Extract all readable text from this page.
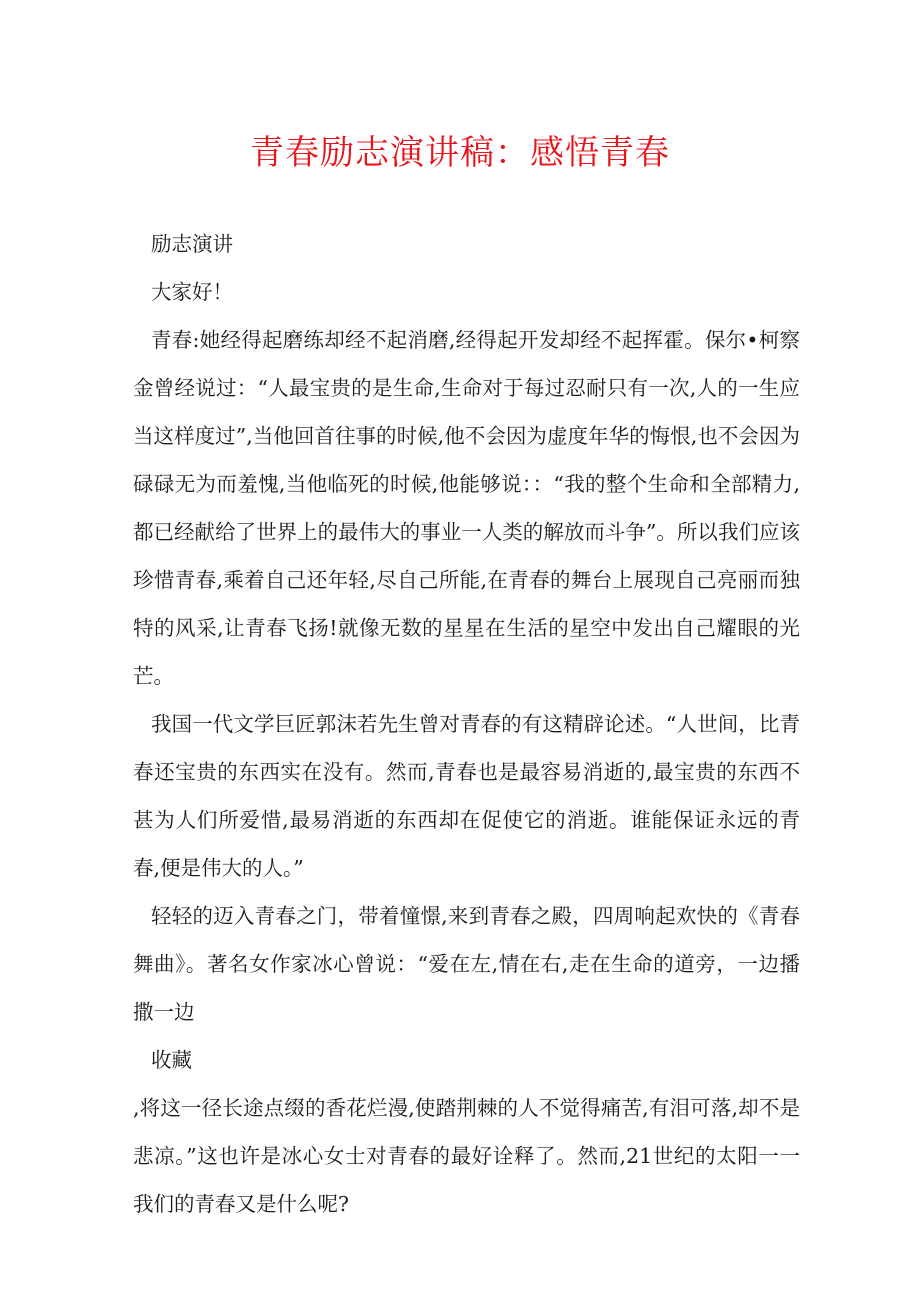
青春励志演讲稿：感悟青春

励志演讲

大家好！

青春:她经得起磨练却经不起消磨,经得起开发却经不起挥霍。保尔•柯察金曾经说过：“人最宝贵的是生命,生命对于每过忍耐只有一次,人的一生应当这样度过”,当他回首往事的时候,他不会因为虚度年华的悔恨,也不会因为碌碌无为而羞愧,当他临死的时候,他能够说：：“我的整个生命和全部精力,都已经献给了世界上的最伟大的事业一人类的解放而斗争”。所以我们应该珍惜青春,乘着自己还年轻,尽自己所能,在青春的舞台上展现自己亮丽而独特的风采,让青春飞扬!就像无数的星星在生活的星空中发出自己耀眼的光芒。

我国一代文学巨匠郭沫若先生曾对青春的有这精辟论述。“人世间，比青春还宝贵的东西实在没有。然而,青春也是最容易消逝的,最宝贵的东西不甚为人们所爱惜,最易消逝的东西却在促使它的消逝。谁能保证永远的青春,便是伟大的人。”

轻轻的迈入青春之门，带着憧憬,来到青春之殿，四周响起欢快的《青春舞曲》。著名女作家冰心曾说：“爱在左,情在右,走在生命的道旁，一边播撒一边

收藏

,将这一径长途点缀的香花烂漫,使踏荆棘的人不觉得痛苦,有泪可落,却不是悲凉。”这也许是冰心女士对青春的最好诠释了。然而,21世纪的太阳一一我们的青春又是什么呢?
